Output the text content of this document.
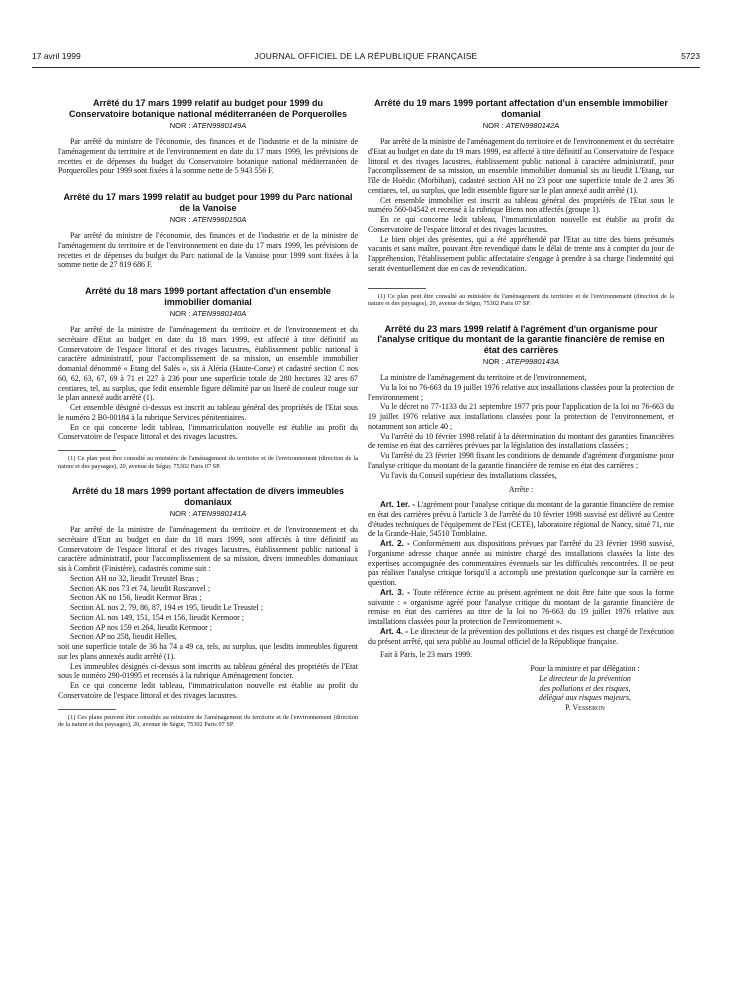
17 avril 1999	JOURNAL OFFICIEL DE LA RÉPUBLIQUE FRANÇAISE	5723
Arrêté du 17 mars 1999 relatif au budget pour 1999 du Conservatoire botanique national méditerranéen de Porquerolles
NOR : ATEN9980149A

Par arrêté du ministre de l'économie, des finances et de l'industrie et de la ministre de l'aménagement du territoire et de l'environnement en date du 17 mars 1999, les prévisions de recettes et de dépenses du budget du Conservatoire botanique national méditerranéen de Porquerolles pour 1999 sont fixées à la somme nette de 5 943 556 F.

Arrêté du 17 mars 1999 relatif au budget pour 1999 du Parc national de la Vanoise
NOR : ATEN9980150A

Par arrêté du ministre de l'économie, des finances et de l'industrie et de la ministre de l'aménagement du territoire et de l'environnement en date du 17 mars 1999, les prévisions de recettes et de dépenses du budget du Parc national de la Vanoise pour 1999 sont fixées à la somme nette de 27 819 686 F.

Arrêté du 18 mars 1999 portant affectation d'un ensemble immobilier domanial
NOR : ATEN9980140A

Par arrêté de la ministre de l'aménagement du territoire et de l'environnement et du secrétaire d'Etat au budget en date du 18 mars 1999, est affecté à titre définitif au Conservatoire de l'espace littoral et des rivages lacustres, établissement public national à caractère administratif, pour l'accomplissement de sa mission, un ensemble immobilier domanial dénommé « Etang del Salès », sis à Aléria (Haute-Corse) et cadastré section C nos 60, 62, 63, 67, 69 à 71 et 227 à 236 pour une superficie totale de 280 hectares 32 ares 67 centiares, tel, au surplus, que ledit ensemble figure délimité par un liseré de couleur rouge sur le plan annexé audit arrêté (1).

Cet ensemble désigné ci-dessus est inscrit au tableau général des propriétés de l'Etat sous le numéro 2 B0-00184 à la rubrique Services pénitentiaires.

En ce qui concerne ledit tableau, l'immatriculation nouvelle est établie au profit du Conservatoire de l'espace littoral et des rivages lacustres.

(1) Ce plan peut être consulté au ministère de l'aménagement du territoire et de l'environnement (direction de la nature et des paysages), 20, avenue de Ségur, 75302 Paris 07 SP.

Arrêté du 18 mars 1999 portant affectation de divers immeubles domaniaux
NOR : ATEN9980141A

Par arrêté de la ministre de l'aménagement du territoire et de l'environnement et du secrétaire d'Etat au budget en date du 18 mars 1999, sont affectés à titre définitif au Conservatoire de l'espace littoral et des rivages lacustres, établissement public national à caractère administratif, pour l'accomplissement de sa mission, divers immeubles domaniaux sis à Combrit (Finistère), cadastrés comme suit :

Section AH no 32, lieudit Treustel Bras ;

Section AK nos 73 et 74, lieudit Roscanvel ;

Section AK no 156, lieudit Kermor Bras ;

Section AL nos 2, 79, 86, 87, 194 et 195, lieudit Le Treustel ;

Section AL nos 149, 151, 154 et 156, lieudit Kermoor ;

Section AP nos 159 et 264, lieudit Kermoor ;

Section AP no 258, lieudit Helles,

soit une superficie totale de 36 ha 74 a 49 ca, tels, au surplus, que lesdits immeubles figurent sur les plans annexés audit arrêté (1).

Les immeubles désignés ci-dessus sont inscrits au tableau général des propriétés de l'Etat sous le numéro 290-01995 et recensés à la rubrique Aménagement foncier.

En ce qui concerne ledit tableau, l'immatriculation nouvelle est établie au profit du Conservatoire de l'espace littoral et des rivages lacustres.

(1) Ces plans peuvent être consultés au ministère de l'aménagement du territoire et de l'environnement (direction de la nature et des paysages), 20, avenue de Ségur, 75302 Paris 07 SP.

Arrêté du 19 mars 1999 portant affectation d'un ensemble immobilier domanial
NOR : ATEN9980142A

Par arrêté de la ministre de l'aménagement du territoire et de l'environnement et du secrétaire d'Etat au budget en date du 19 mars 1999, est affecté à titre définitif au Conservatoire de l'espace littoral et des rivages lacustres, établissement public national à caractère administratif, pour l'accomplissement de sa mission, un ensemble immobilier domanial sis au lieudit L'Etang, sur l'île de Hoëdic (Morbihan), cadastré section AH no 23 pour une superficie totale de 2 ares 36 centiares, tel, au surplus, que ledit ensemble figure sur le plan annexé audit arrêté (1).

Cet ensemble immobilier est inscrit au tableau général des propriétés de l'Etat sous le numéro 560-04542 et recensé à la rubrique Biens non affectés (groupe 1).

En ce qui concerne ledit tableau, l'immatriculation nouvelle est établie au profit du Conservatoire de l'espace littoral et des rivages lacustres.

Le bien objet des présentes, qui a été appréhendé par l'Etat au titre des biens présumés vacants et sans maître, pouvant être revendiqué dans le délai de trente ans à compter du jour de l'appréhension, l'établissement public affectataire s'engage à prendre à sa charge l'indemnité qui serait éventuellement due en cas de revendication.

(1) Ce plan peut être consulté au ministère de l'aménagement du territoire et de l'environnement (direction de la nature et des paysages), 20, avenue de Ségur, 75302 Paris 07 SP.

Arrêté du 23 mars 1999 relatif à l'agrément d'un organisme pour l'analyse critique du montant de la garantie financière de remise en état des carrières
NOR : ATEP9980143A

La ministre de l'aménagement du territoire et de l'environnement,

Vu la loi no 76-663 du 19 juillet 1976 relative aux installations classées pour la protection de l'environnement ;

Vu le décret no 77-1133 du 21 septembre 1977 pris pour l'application de la loi no 76-663 du 19 juillet 1976 relative aux installations classées pour la protection de l'environnement, et notamment son article 40 ;

Vu l'arrêté du 10 février 1998 relatif à la détermination du montant des garanties financières de remise en état des carrières prévues par la législation des installations classées ;

Vu l'arrêté du 23 février 1998 fixant les conditions de demande d'agrément d'organisme pour l'analyse critique du montant de la garantie financière de remise en état des carrières ;

Vu l'avis du Conseil supérieur des installations classées,

Arrête :

Art. 1er. - L'agrément pour l'analyse critique du montant de la garantie financière de remise en état des carrières prévu à l'article 3 de l'arrêté du 10 février 1998 susvisé est délivré au Centre d'études techniques de l'équipement de l'Est (CETE), laboratoire régional de Nancy, situé 71, rue de la Grande-Haie, 54510 Tomblaine.

Art. 2. - Conformément aux dispositions prévues par l'arrêté du 23 février 1998 susvisé, l'organisme adresse chaque année au ministre chargé des installations classées la liste des expertises accompagnée des commentaires éventuels sur les difficultés rencontrées. Il ne peut pas réaliser l'analyse critique lorsqu'il a accompli une prestation quelconque sur la carrière en question.

Art. 3. - Toute référence écrite au présent agrément ne doit être faite que sous la forme suivante : « organisme agréé pour l'analyse critique du montant de la garantie financière de remise en état des carrières au titre de la loi no 76-663 du 19 juillet 1976 relative aux installations classées pour la protection de l'environnement ».

Art. 4. - Le directeur de la prévention des pollutions et des risques est chargé de l'exécution du présent arrêté, qui sera publié au Journal officiel de la République française.

Fait à Paris, le 23 mars 1999.

Pour la ministre et par délégation :
Le directeur de la prévention
des pollutions et des risques,
délégué aux risques majeurs,
P. Vesseron
